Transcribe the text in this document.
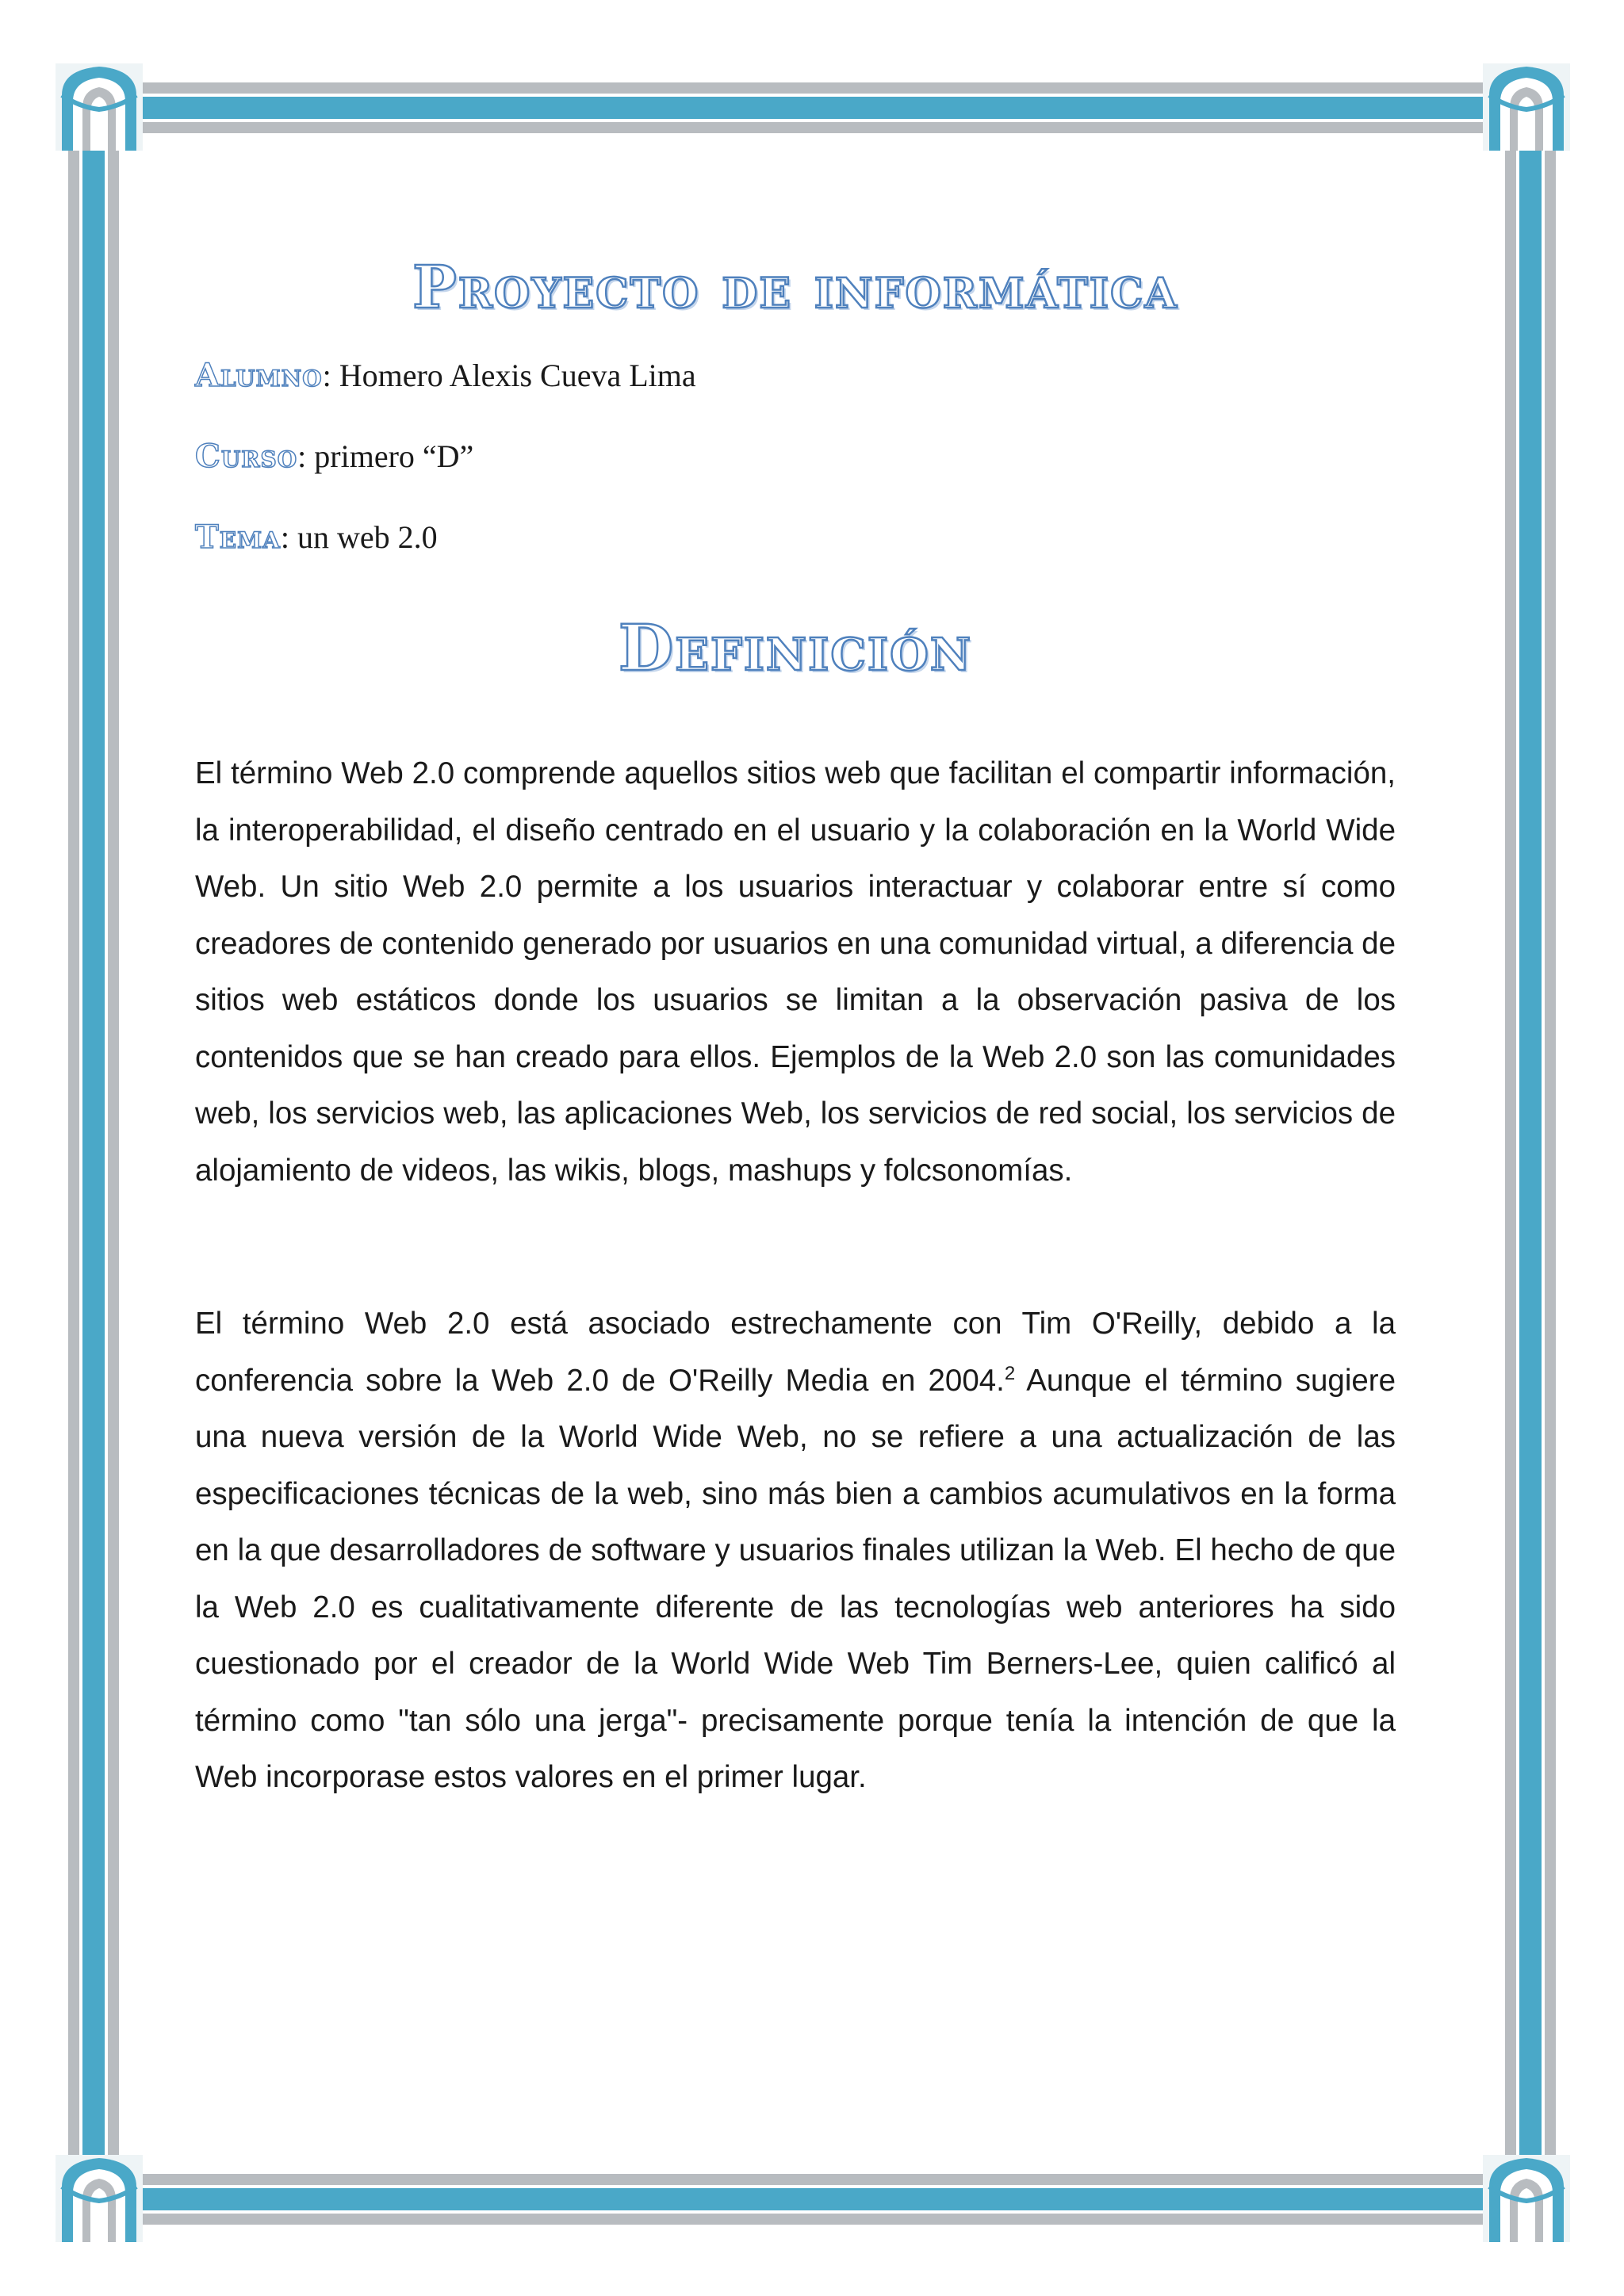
Proyecto de informática
Alumno: Homero Alexis Cueva Lima
Curso: primero “D”
Tema: un web 2.0
Definición

El término Web 2.0 comprende aquellos sitios web que facilitan el compartir información, la interoperabilidad, el diseño centrado en el usuario y la colaboración en la World Wide Web. Un sitio Web 2.0 permite a los usuarios interactuar y colaborar entre sí como creadores de contenido generado por usuarios en una comunidad virtual, a diferencia de sitios web estáticos donde los usuarios se limitan a la observación pasiva de los contenidos que se han creado para ellos. Ejemplos de la Web 2.0 son las comunidades web, los servicios web, las aplicaciones Web, los servicios de red social, los servicios de alojamiento de videos, las wikis, blogs, mashups y folcsonomías.

El término Web 2.0 está asociado estrechamente con Tim O'Reilly, debido a la conferencia sobre la Web 2.0 de O'Reilly Media en 2004.$^2$ Aunque el término sugiere una nueva versión de la World Wide Web, no se refiere a una actualización de las especificaciones técnicas de la web, sino más bien a cambios acumulativos en la forma en la que desarrolladores de software y usuarios finales utilizan la Web. El hecho de que la Web 2.0 es cualitativamente diferente de las tecnologías web anteriores ha sido cuestionado por el creador de la World Wide Web Tim Berners-Lee, quien calificó al término como "tan sólo una jerga"- precisamente porque tenía la intención de que la Web incorporase estos valores en el primer lugar.
